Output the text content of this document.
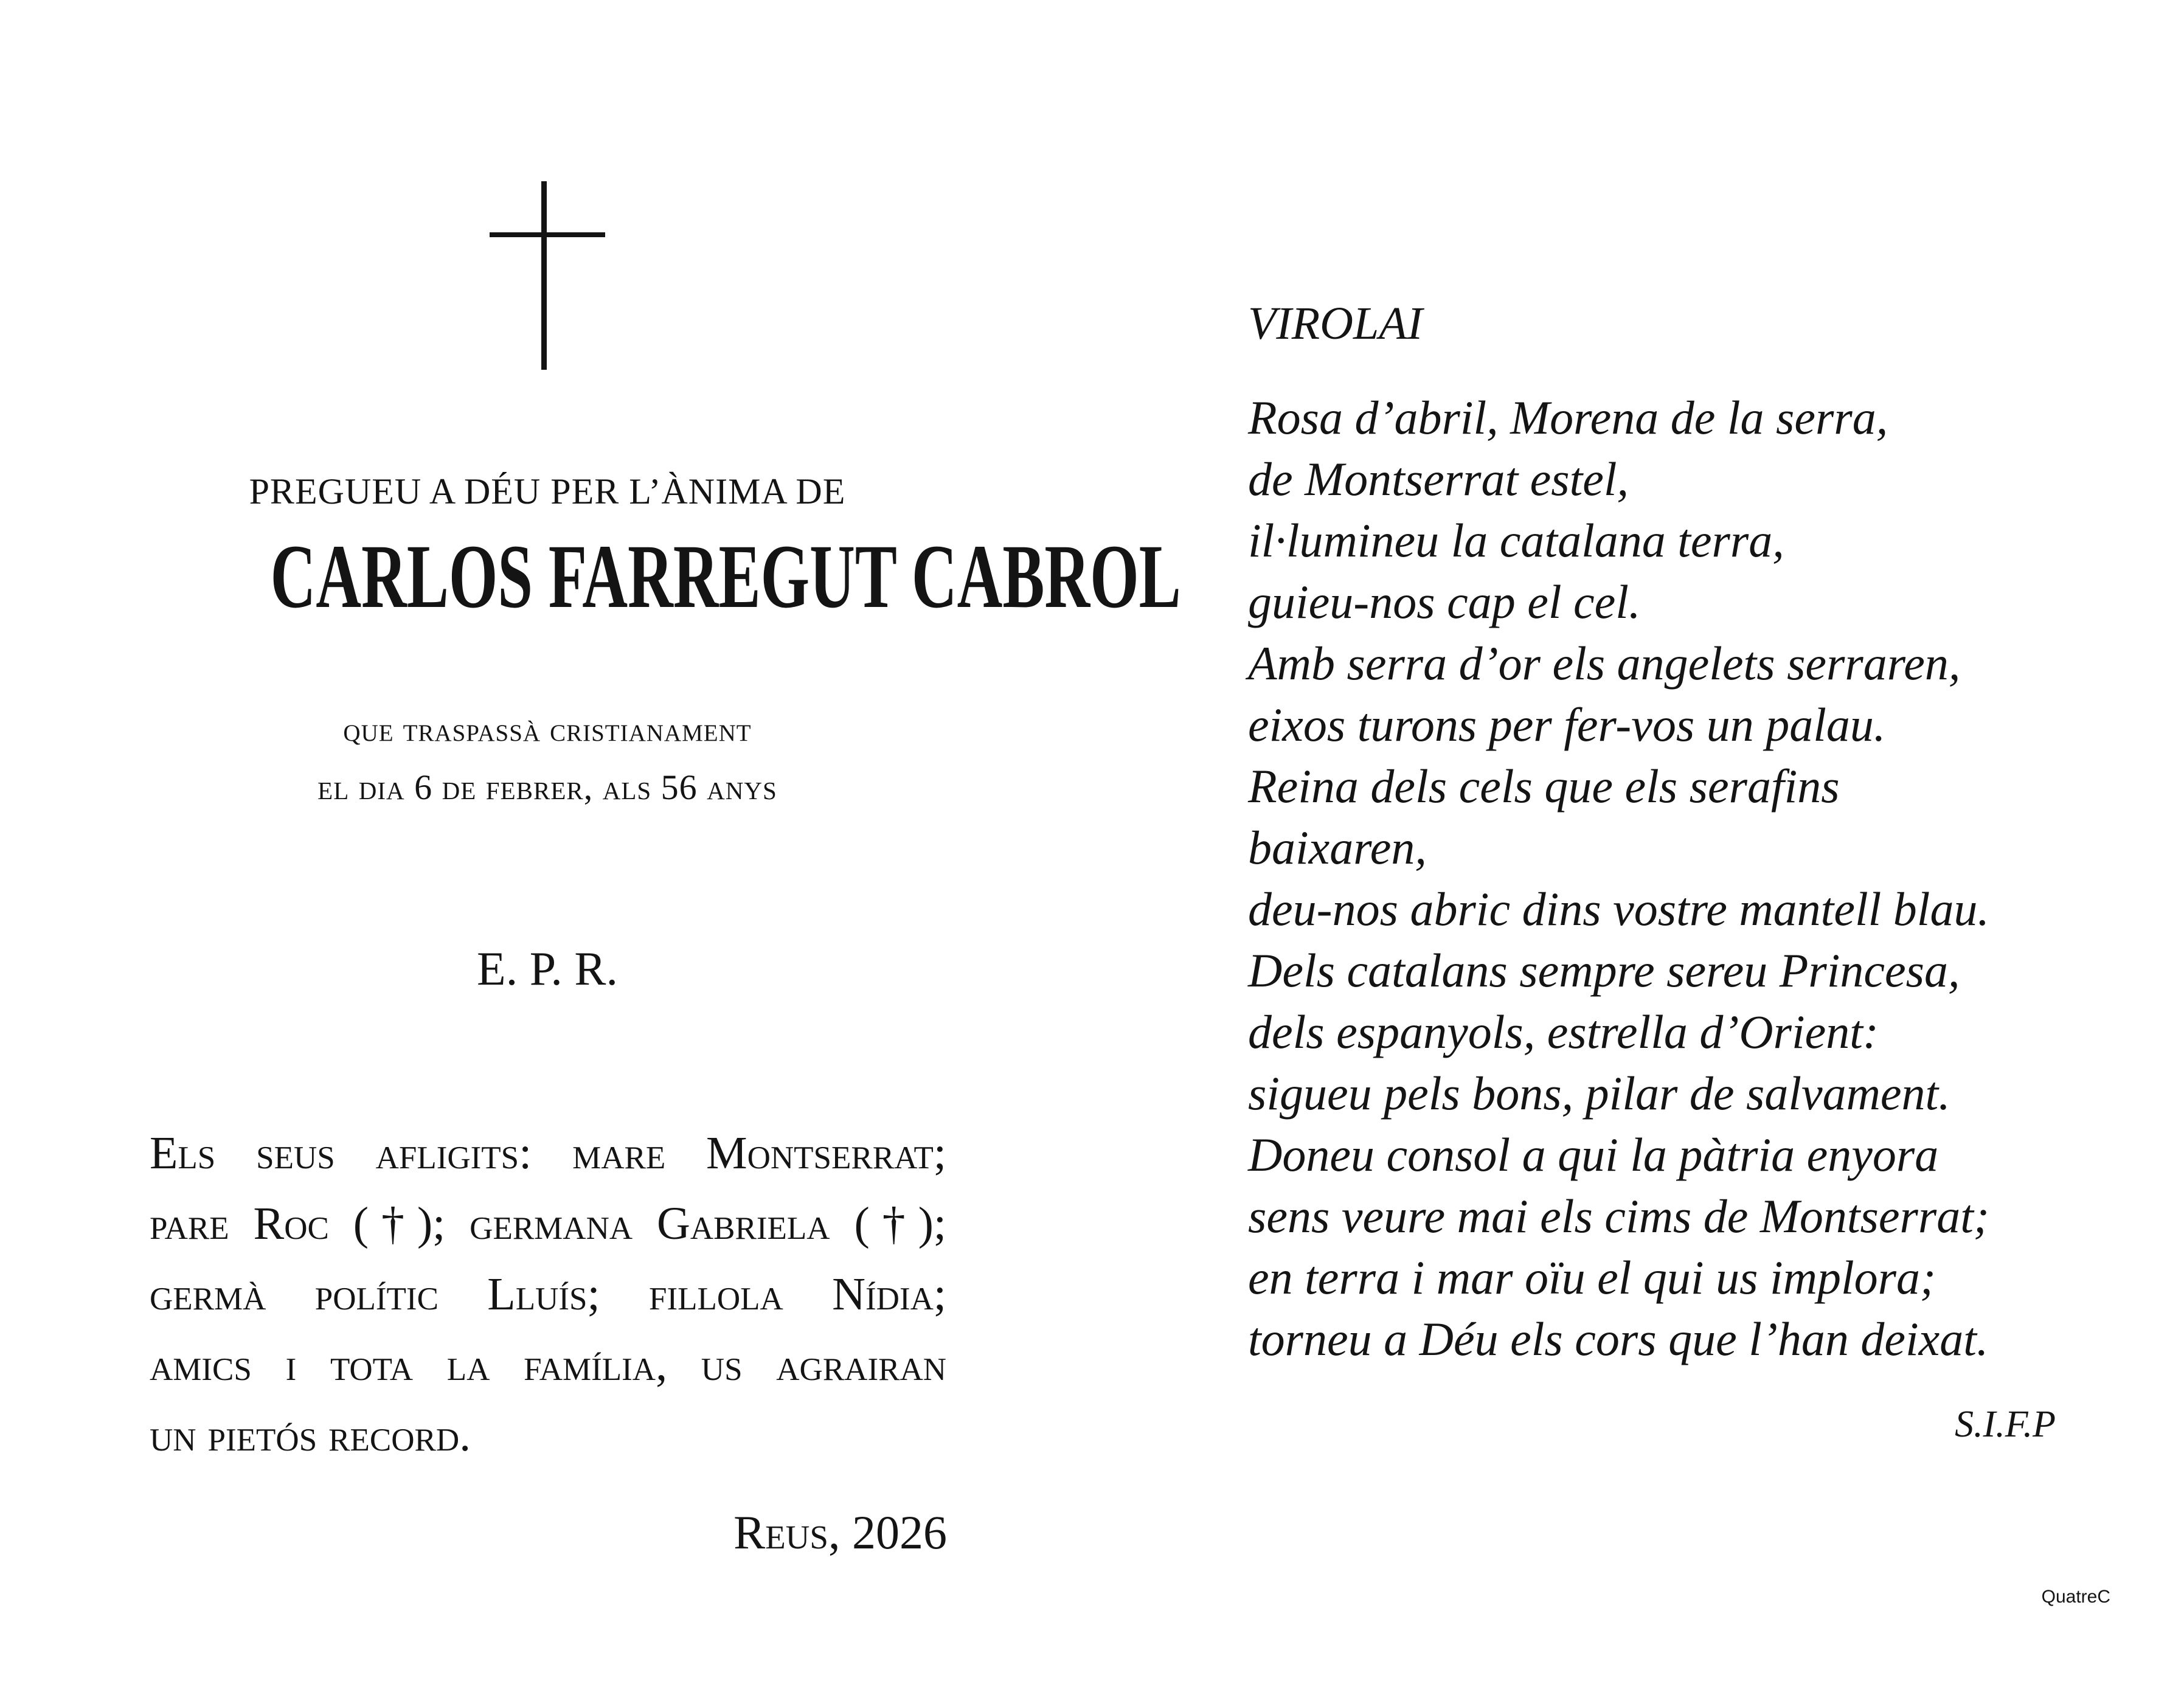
PREGUEU A DÉU PER L’ÀNIMA DE
CARLOS FARREGUT CABROL
que traspassà cristianament
el dia 6 de febrer, als 56 anys
E. P. R.
Els seus afligits: mare Montserrat;
pare Roc (†); germana Gabriela (†);
germà polític Lluís; fillola Nídia;
amics i tota la família, us agrairan
un pietós record.
Reus, 2026
VIROLAI
Rosa d’abril, Morena de la serra,
de Montserrat estel,
il·lumineu la catalana terra,
guieu-nos cap el cel.
Amb serra d’or els angelets serraren,
eixos turons per fer-vos un palau.
Reina dels cels que els serafins
baixaren,
deu-nos abric dins vostre mantell blau.
Dels catalans sempre sereu Princesa,
dels espanyols, estrella d’Orient:
sigueu pels bons, pilar de salvament.
Doneu consol a qui la pàtria enyora
sens veure mai els cims de Montserrat;
en terra i mar oïu el qui us implora;
torneu a Déu els cors que l’han deixat.
S.I.F.P
QuatreC
